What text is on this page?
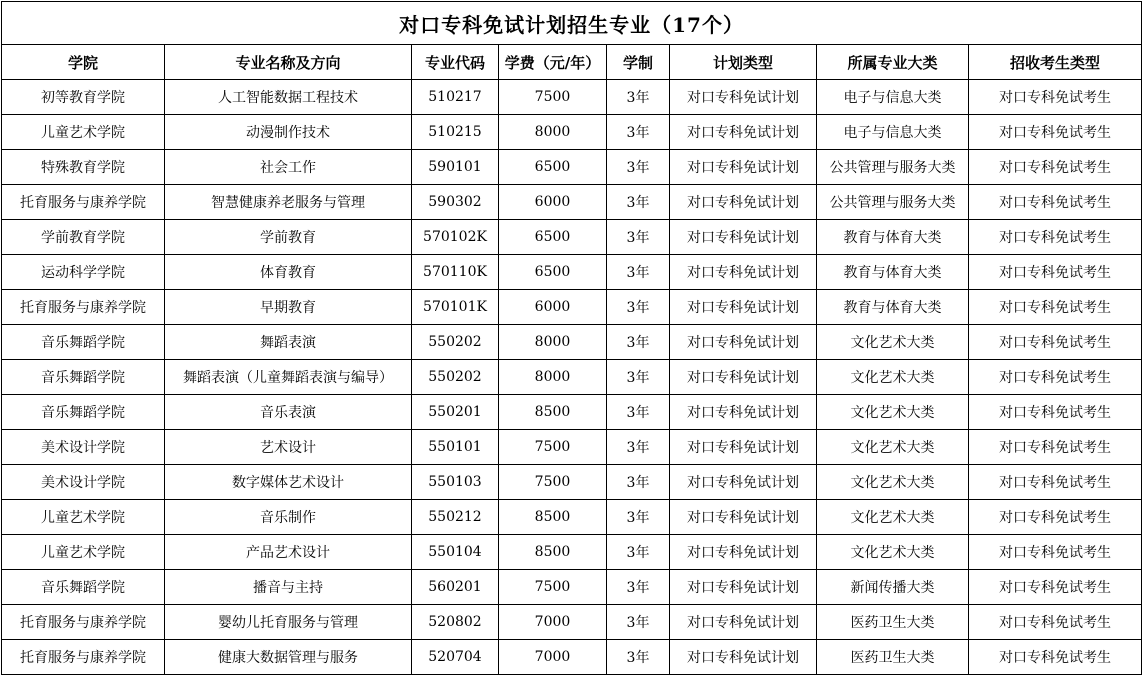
对口专科免试计划招生专业（17个）							
学院	专业名称及方向	专业代码	学费（元/年）	学制	计划类型	所属专业大类	招收考生类型
初等教育学院	人工智能数据工程技术	510217	7500	3年	对口专科免试计划	电子与信息大类	对口专科免试考生
儿童艺术学院	动漫制作技术	510215	8000	3年	对口专科免试计划	电子与信息大类	对口专科免试考生
特殊教育学院	社会工作	590101	6500	3年	对口专科免试计划	公共管理与服务大类	对口专科免试考生
托育服务与康养学院	智慧健康养老服务与管理	590302	6000	3年	对口专科免试计划	公共管理与服务大类	对口专科免试考生
学前教育学院	学前教育	570102K	6500	3年	对口专科免试计划	教育与体育大类	对口专科免试考生
运动科学学院	体育教育	570110K	6500	3年	对口专科免试计划	教育与体育大类	对口专科免试考生
托育服务与康养学院	早期教育	570101K	6000	3年	对口专科免试计划	教育与体育大类	对口专科免试考生
音乐舞蹈学院	舞蹈表演	550202	8000	3年	对口专科免试计划	文化艺术大类	对口专科免试考生
音乐舞蹈学院	舞蹈表演（儿童舞蹈表演与编导）	550202	8000	3年	对口专科免试计划	文化艺术大类	对口专科免试考生
音乐舞蹈学院	音乐表演	550201	8500	3年	对口专科免试计划	文化艺术大类	对口专科免试考生
美术设计学院	艺术设计	550101	7500	3年	对口专科免试计划	文化艺术大类	对口专科免试考生
美术设计学院	数字媒体艺术设计	550103	7500	3年	对口专科免试计划	文化艺术大类	对口专科免试考生
儿童艺术学院	音乐制作	550212	8500	3年	对口专科免试计划	文化艺术大类	对口专科免试考生
儿童艺术学院	产品艺术设计	550104	8500	3年	对口专科免试计划	文化艺术大类	对口专科免试考生
音乐舞蹈学院	播音与主持	560201	7500	3年	对口专科免试计划	新闻传播大类	对口专科免试考生
托育服务与康养学院	婴幼儿托育服务与管理	520802	7000	3年	对口专科免试计划	医药卫生大类	对口专科免试考生
托育服务与康养学院	健康大数据管理与服务	520704	7000	3年	对口专科免试计划	医药卫生大类	对口专科免试考生
